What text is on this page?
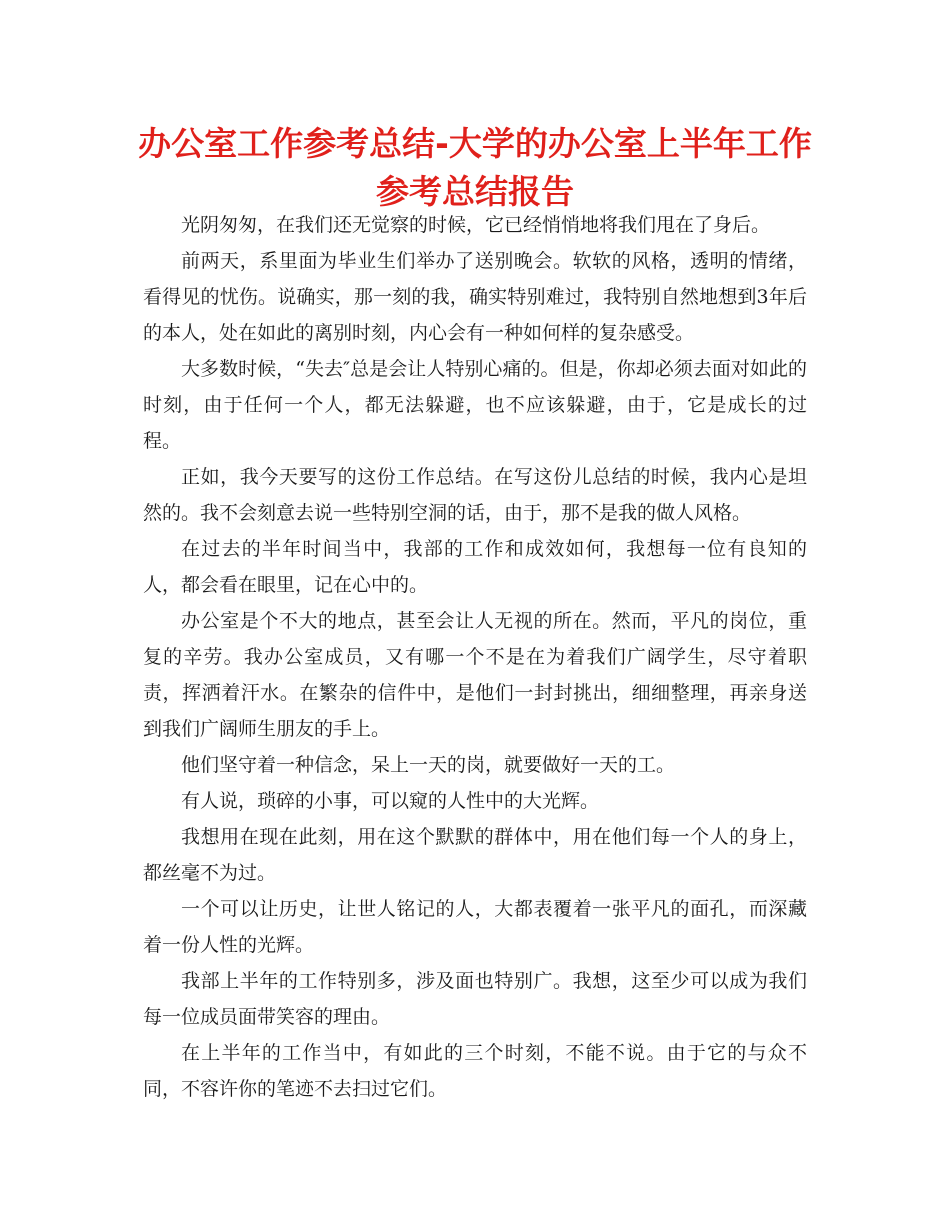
办公室工作参考总结-大学的办公室上半年工作参考总结报告

光阴匆匆，在我们还无觉察的时候，它已经悄悄地将我们甩在了身后。

前两天，系里面为毕业生们举办了送别晚会。软软的风格，透明的情绪，看得见的忧伤。说确实，那一刻的我，确实特别难过，我特别自然地想到3年后的本人，处在如此的离别时刻，内心会有一种如何样的复杂感受。

大多数时候，“失去″总是会让人特别心痛的。但是，你却必须去面对如此的时刻，由于任何一个人，都无法躲避，也不应该躲避，由于，它是成长的过程。

正如，我今天要写的这份工作总结。在写这份儿总结的时候，我内心是坦然的。我不会刻意去说一些特别空洞的话，由于，那不是我的做人风格。

在过去的半年时间当中，我部的工作和成效如何，我想每一位有良知的人，都会看在眼里，记在心中的。

办公室是个不大的地点，甚至会让人无视的所在。然而，平凡的岗位，重复的辛劳。我办公室成员，又有哪一个不是在为着我们广阔学生，尽守着职责，挥洒着汗水。在繁杂的信件中，是他们一封封挑出，细细整理，再亲身送到我们广阔师生朋友的手上。

他们坚守着一种信念，呆上一天的岗，就要做好一天的工。

有人说，琐碎的小事，可以窥的人性中的大光辉。

我想用在现在此刻，用在这个默默的群体中，用在他们每一个人的身上，都丝毫不为过。

一个可以让历史，让世人铭记的人，大都表覆着一张平凡的面孔，而深藏着一份人性的光辉。

我部上半年的工作特别多，涉及面也特别广。我想，这至少可以成为我们每一位成员面带笑容的理由。

在上半年的工作当中，有如此的三个时刻，不能不说。由于它的与众不同，不容许你的笔迹不去扫过它们。
